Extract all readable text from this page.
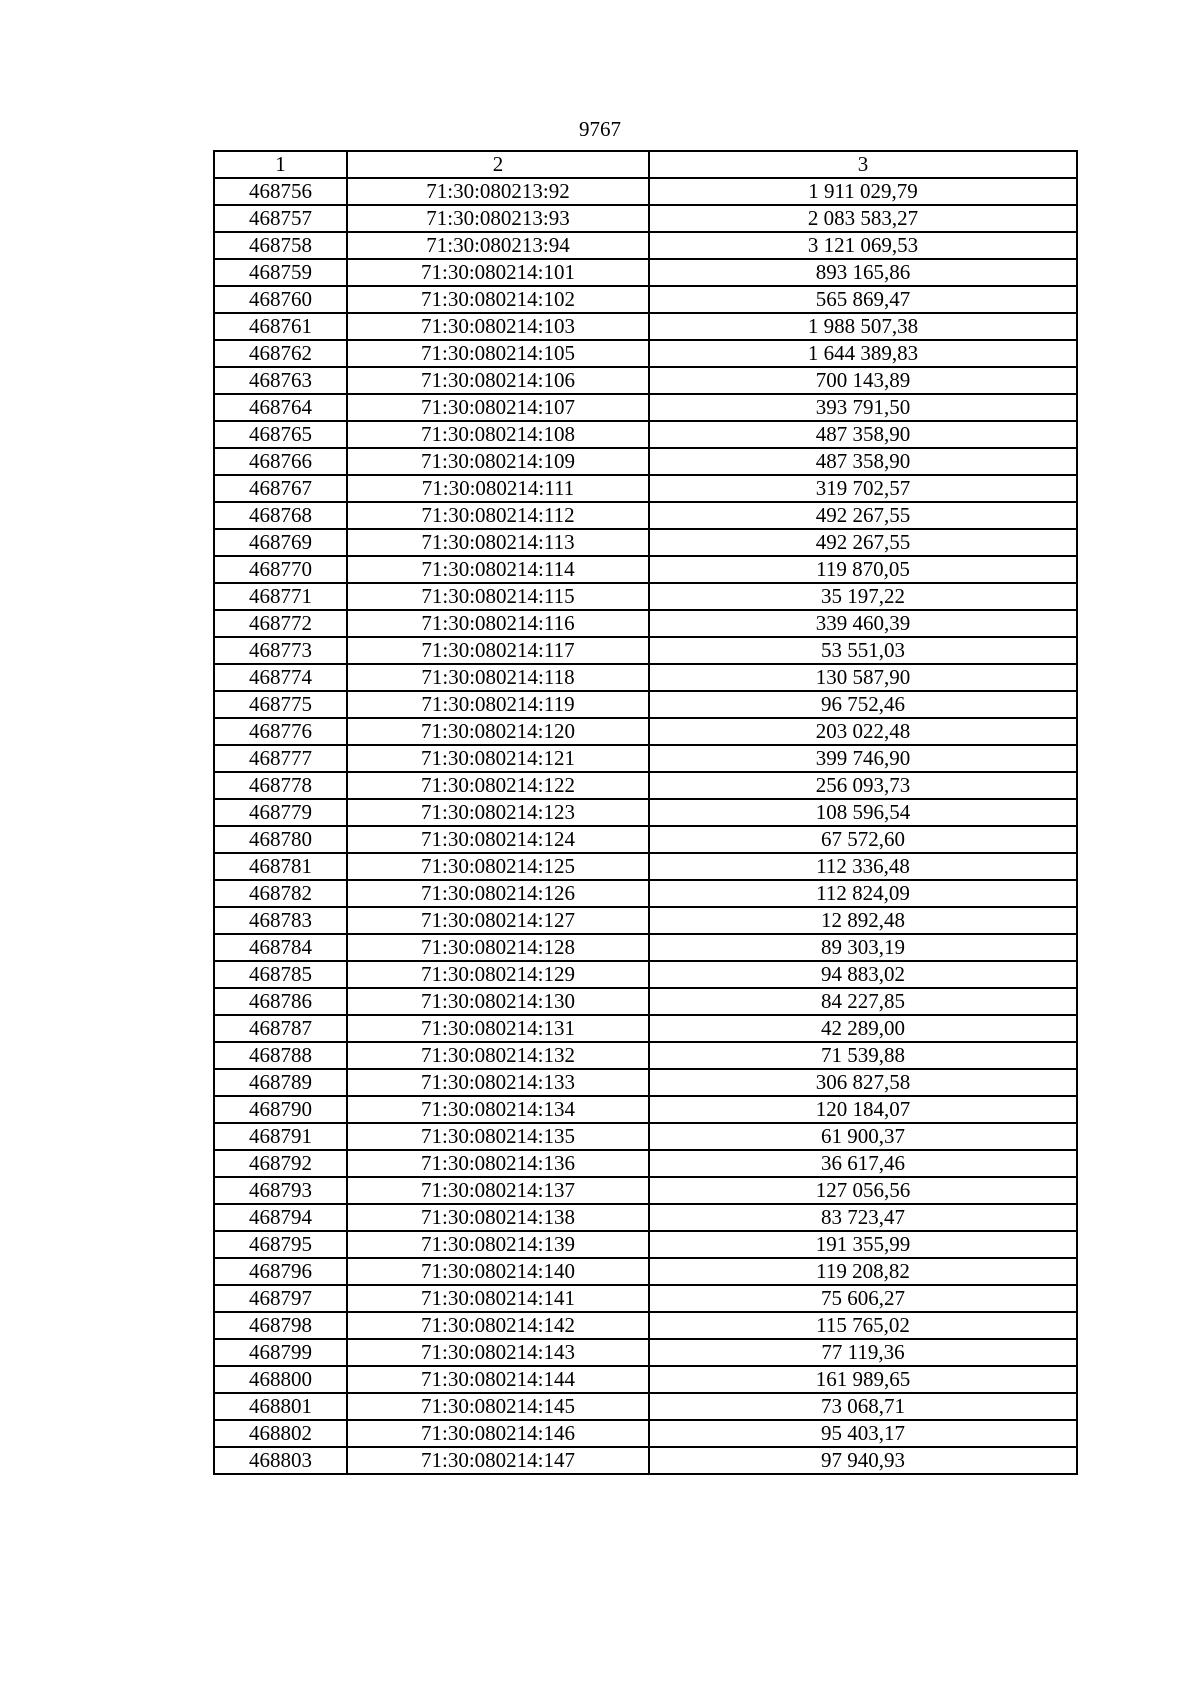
9767
1	2	3
468756	71:30:080213:92	1 911 029,79
468757	71:30:080213:93	2 083 583,27
468758	71:30:080213:94	3 121 069,53
468759	71:30:080214:101	893 165,86
468760	71:30:080214:102	565 869,47
468761	71:30:080214:103	1 988 507,38
468762	71:30:080214:105	1 644 389,83
468763	71:30:080214:106	700 143,89
468764	71:30:080214:107	393 791,50
468765	71:30:080214:108	487 358,90
468766	71:30:080214:109	487 358,90
468767	71:30:080214:111	319 702,57
468768	71:30:080214:112	492 267,55
468769	71:30:080214:113	492 267,55
468770	71:30:080214:114	119 870,05
468771	71:30:080214:115	35 197,22
468772	71:30:080214:116	339 460,39
468773	71:30:080214:117	53 551,03
468774	71:30:080214:118	130 587,90
468775	71:30:080214:119	96 752,46
468776	71:30:080214:120	203 022,48
468777	71:30:080214:121	399 746,90
468778	71:30:080214:122	256 093,73
468779	71:30:080214:123	108 596,54
468780	71:30:080214:124	67 572,60
468781	71:30:080214:125	112 336,48
468782	71:30:080214:126	112 824,09
468783	71:30:080214:127	12 892,48
468784	71:30:080214:128	89 303,19
468785	71:30:080214:129	94 883,02
468786	71:30:080214:130	84 227,85
468787	71:30:080214:131	42 289,00
468788	71:30:080214:132	71 539,88
468789	71:30:080214:133	306 827,58
468790	71:30:080214:134	120 184,07
468791	71:30:080214:135	61 900,37
468792	71:30:080214:136	36 617,46
468793	71:30:080214:137	127 056,56
468794	71:30:080214:138	83 723,47
468795	71:30:080214:139	191 355,99
468796	71:30:080214:140	119 208,82
468797	71:30:080214:141	75 606,27
468798	71:30:080214:142	115 765,02
468799	71:30:080214:143	77 119,36
468800	71:30:080214:144	161 989,65
468801	71:30:080214:145	73 068,71
468802	71:30:080214:146	95 403,17
468803	71:30:080214:147	97 940,93
